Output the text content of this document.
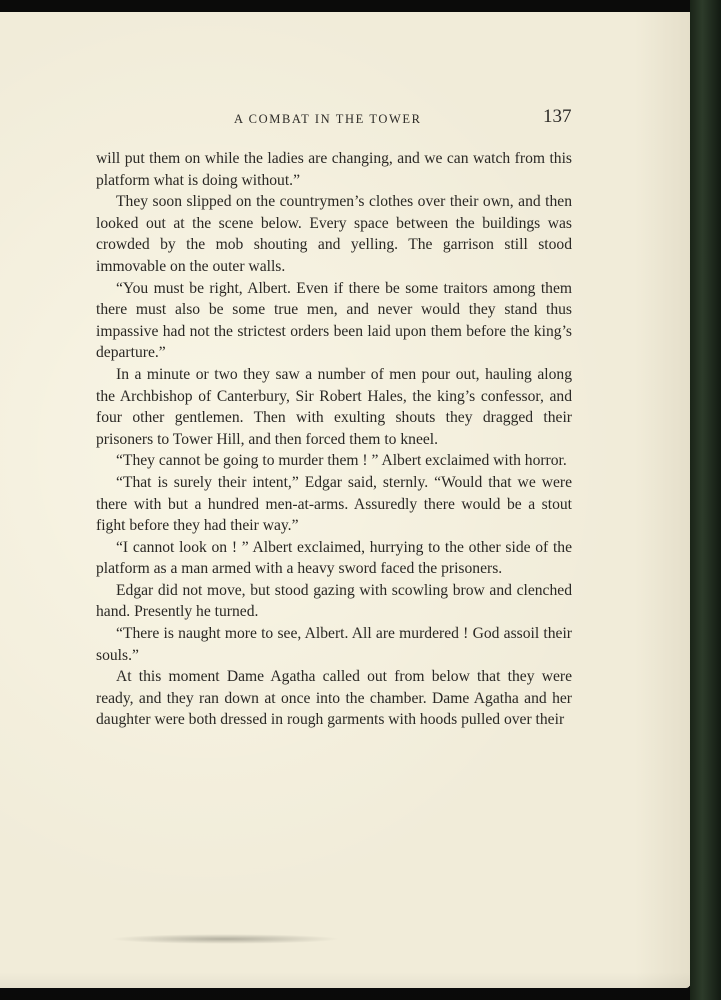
A COMBAT IN THE TOWER	137

will put them on while the ladies are changing, and we can watch from this platform what is doing without.”

They soon slipped on the countrymen’s clothes over their own, and then looked out at the scene below. Every space between the buildings was crowded by the mob shouting and yelling. The garrison still stood immovable on the outer walls.

“You must be right, Albert. Even if there be some traitors among them there must also be some true men, and never would they stand thus impassive had not the strictest orders been laid upon them before the king’s departure.”

In a minute or two they saw a number of men pour out, hauling along the Archbishop of Canterbury, Sir Robert Hales, the king’s confessor, and four other gentlemen. Then with exulting shouts they dragged their prisoners to Tower Hill, and then forced them to kneel.

“They cannot be going to murder them ! ” Albert exclaimed with horror.

“That is surely their intent,” Edgar said, sternly. “Would that we were there with but a hundred men-at-arms. Assuredly there would be a stout fight before they had their way.”

“I cannot look on ! ” Albert exclaimed, hurrying to the other side of the platform as a man armed with a heavy sword faced the prisoners.

Edgar did not move, but stood gazing with scowling brow and clenched hand. Presently he turned.

“There is naught more to see, Albert. All are murdered ! God assoil their souls.”

At this moment Dame Agatha called out from below that they were ready, and they ran down at once into the chamber. Dame Agatha and her daughter were both dressed in rough garments with hoods pulled over their
